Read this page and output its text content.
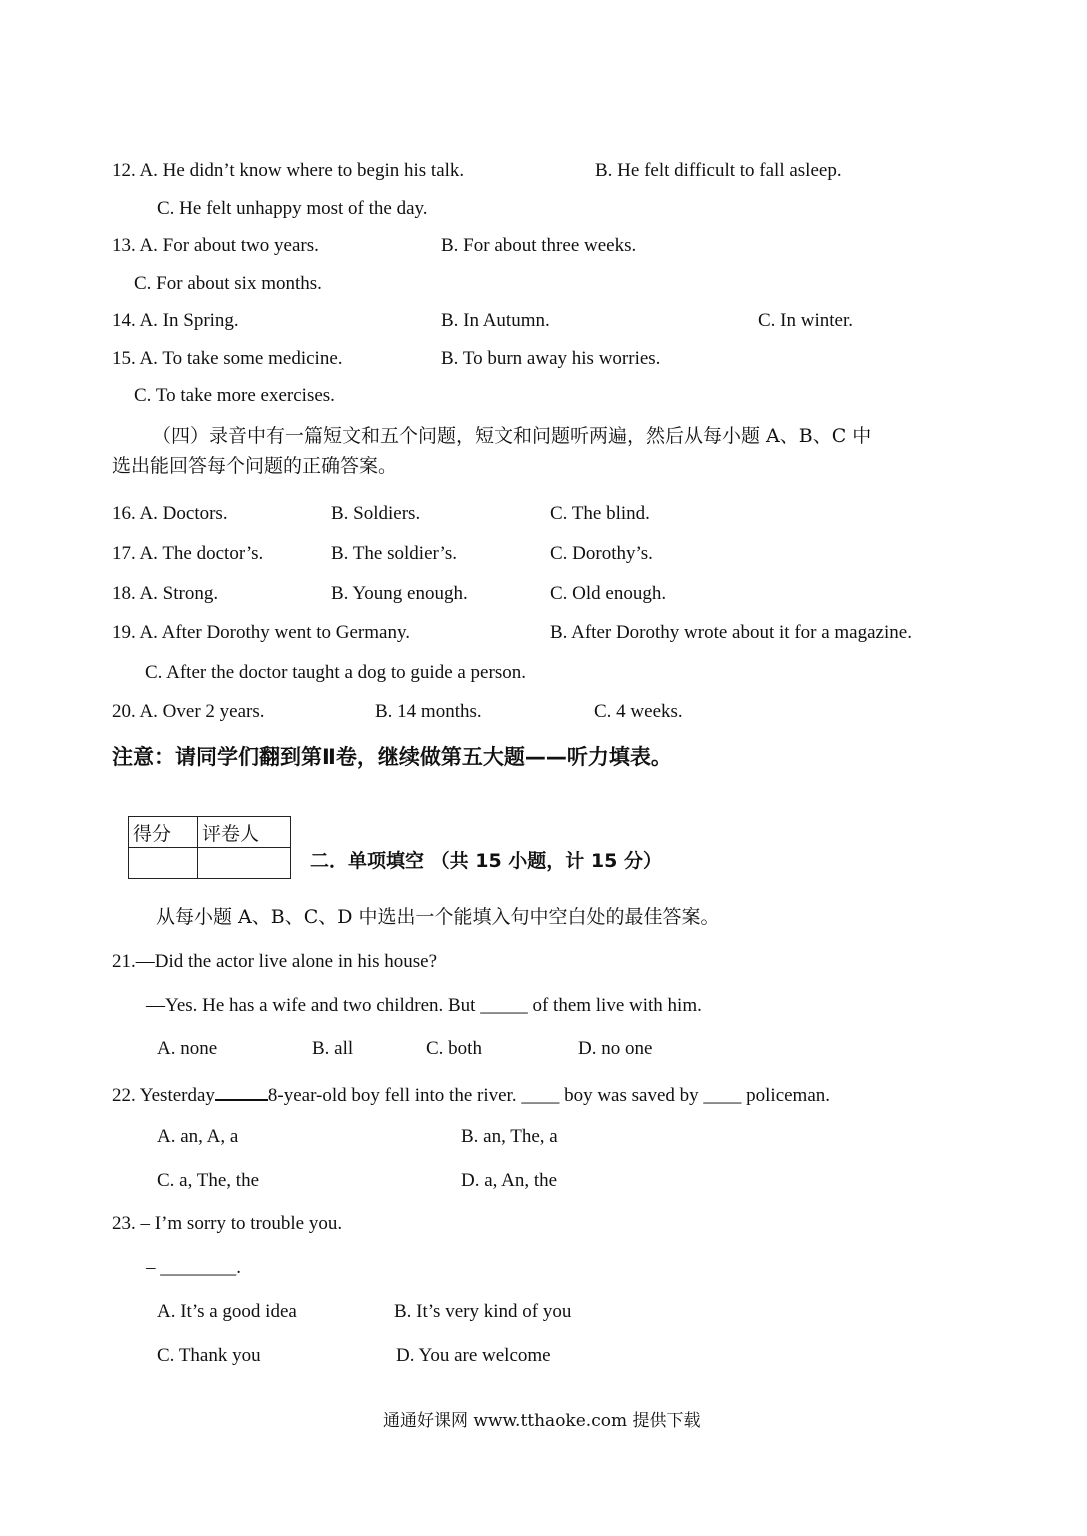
12. A. He didn’t know where to begin his talk.	B. He felt difficult to fall asleep.
C. He felt unhappy most of the day.
13. A. For about two years.	B. For about three weeks.
C. For about six months.
14. A. In Spring.	B. In Autumn.	C. In winter.
15. A. To take some medicine.	B. To burn away his worries.
C. To take more exercises.
（四）录音中有一篇短文和五个问题，短文和问题听两遍，然后从每小题 A、B、C 中
选出能回答每个问题的正确答案。
16. A. Doctors.	B. Soldiers.	C. The blind.
17. A. The doctor’s.	B. The soldier’s.	C. Dorothy’s.
18. A. Strong.	B. Young enough.	C. Old enough.
19. A. After Dorothy went to Germany.	B. After Dorothy wrote about it for a magazine.
C. After the doctor taught a dog to guide a person.
20. A. Over 2 years.	B. 14 months.	C. 4 weeks.
注意：请同学们翻到第Ⅱ卷，继续做第五大题——听力填表。
得分	评卷人

二．单项填空 （共 15 小题，计 15 分）
从每小题 A、B、C、D 中选出一个能填入句中空白处的最佳答案。
21.—Did the actor live alone in his house?
—Yes. He has a wife and two children. But _____ of them live with him.
A. none	B. all	C. both	D. no one
22. Yesterday	8-year-old boy fell into the river. ____ boy was saved by ____ policeman.
A. an, A, a	B. an, The, a
C. a, The, the	D. a, An, the
23. – I’m sorry to trouble you.
– ________.
A. It’s a good idea	B. It’s very kind of you
C. Thank you	D. You are welcome
通通好课网 www.tthaoke.com 提供下载
